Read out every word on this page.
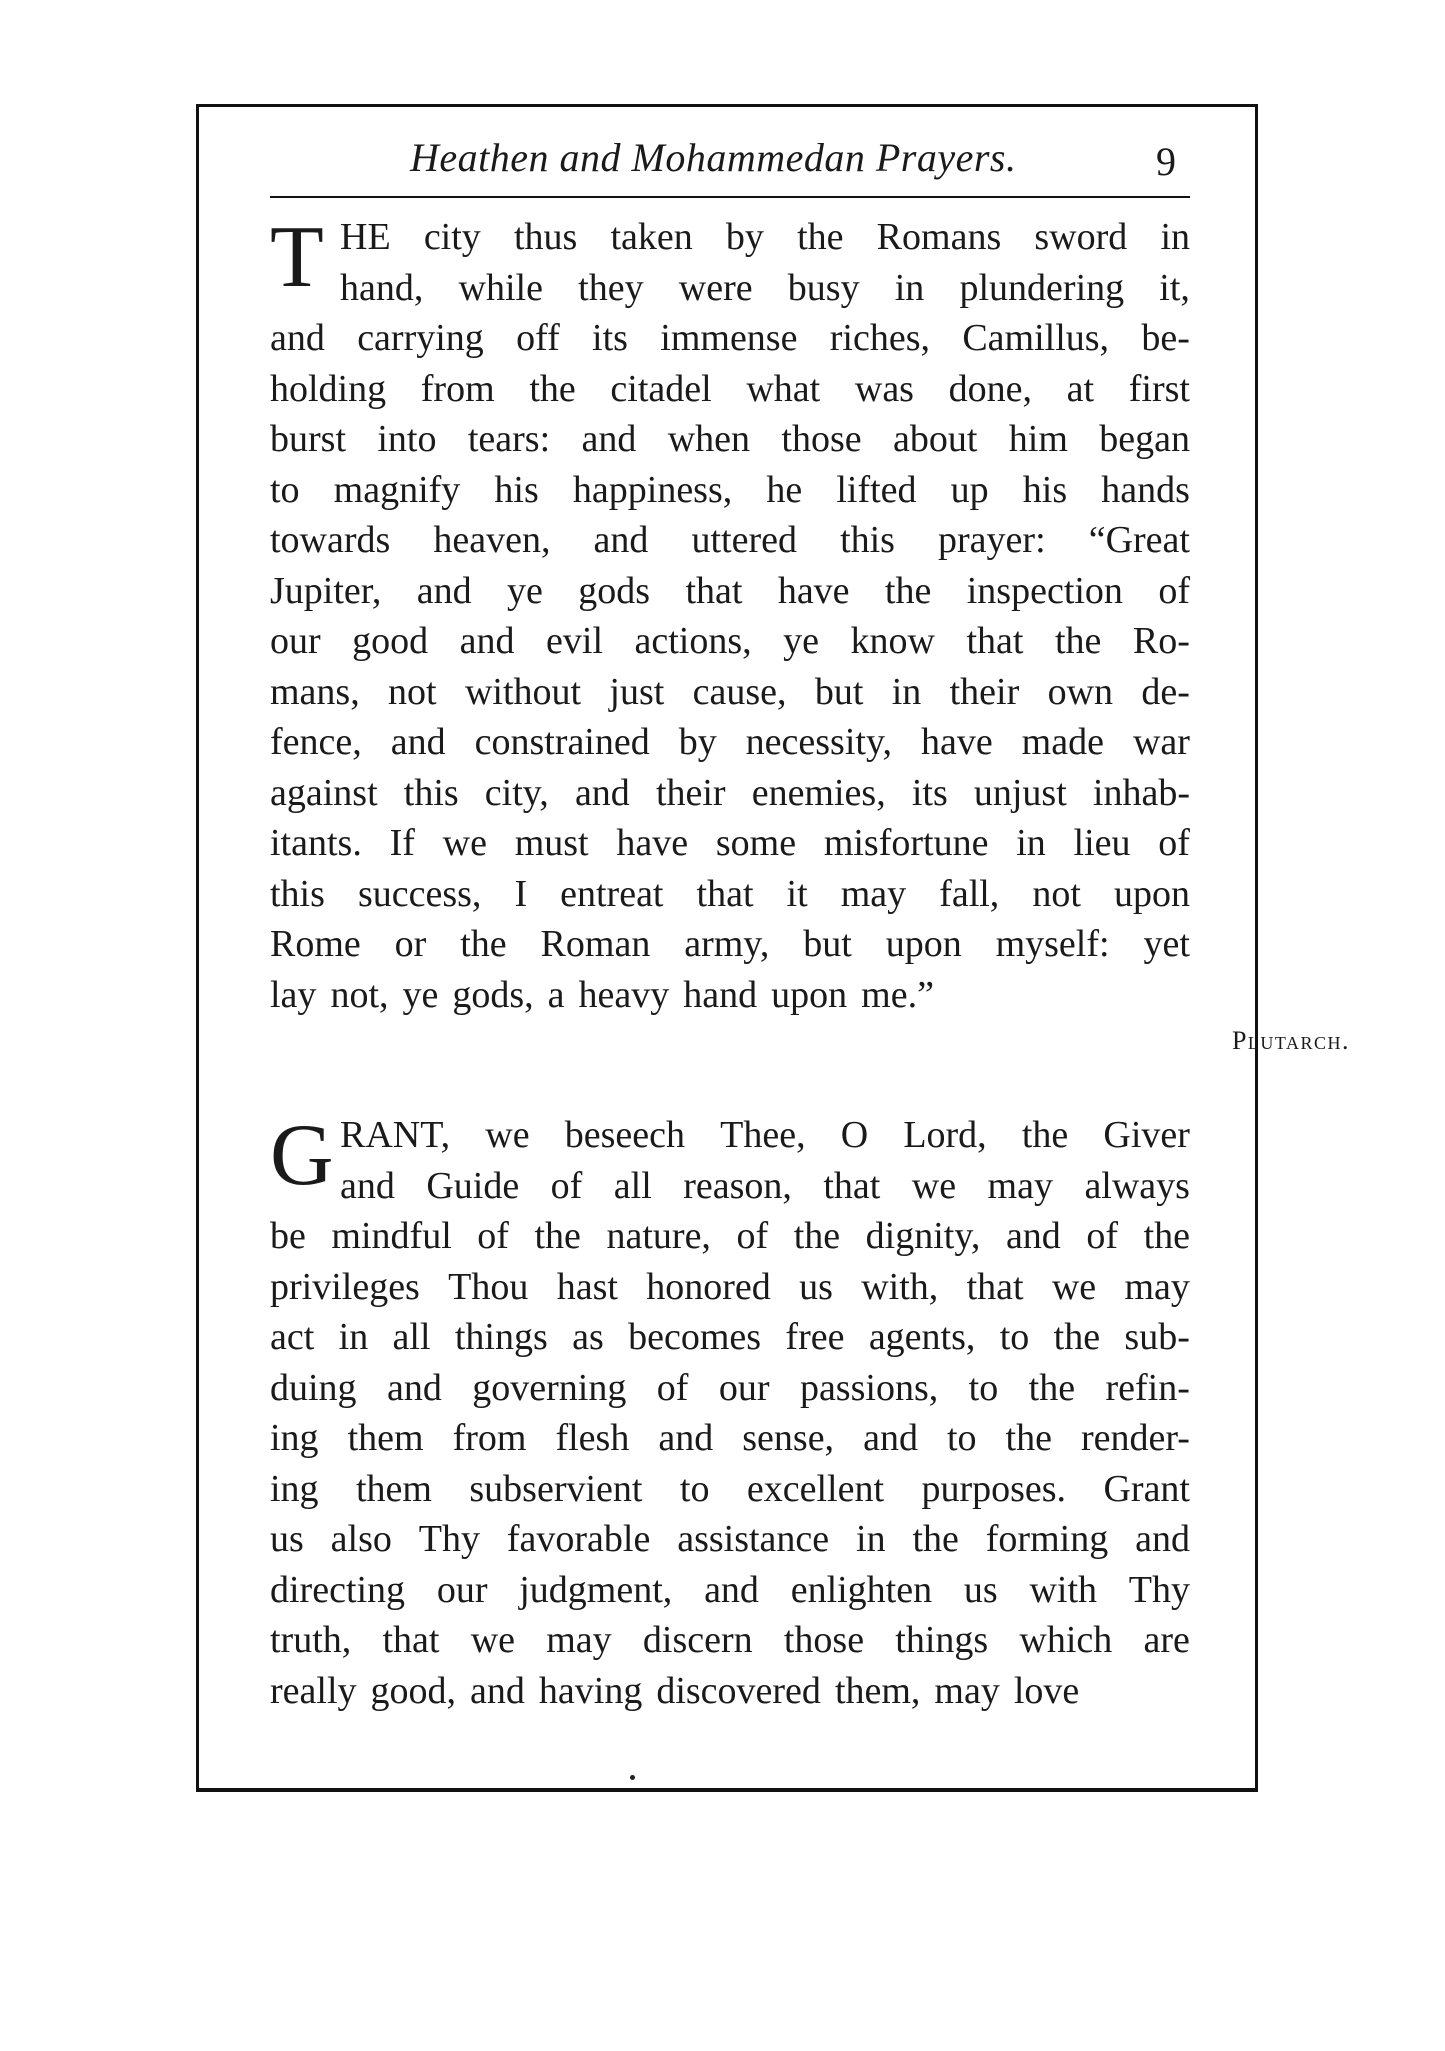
Heathen and Mohammedan Prayers.	9
T HE city thus taken by the Romans sword in
hand, while they were busy in plundering it,
and carrying off its immense riches, Camillus, be-
holding from the citadel what was done, at first
burst into tears: and when those about him began
to magnify his happiness, he lifted up his hands
towards heaven, and uttered this prayer: “Great
Jupiter, and ye gods that have the inspection of
our good and evil actions, ye know that the Ro-
mans, not without just cause, but in their own de-
fence, and constrained by necessity, have made war
against this city, and their enemies, its unjust inhab-
itants. If we must have some misfortune in lieu of
this success, I entreat that it may fall, not upon
Rome or the Roman army, but upon myself: yet
lay not, ye gods, a heavy hand upon me.”
Plutarch.
G RANT, we beseech Thee, O Lord, the Giver
and Guide of all reason, that we may always
be mindful of the nature, of the dignity, and of the
privileges Thou hast honored us with, that we may
act in all things as becomes free agents, to the sub-
duing and governing of our passions, to the refin-
ing them from flesh and sense, and to the render-
ing them subservient to excellent purposes. Grant
us also Thy favorable assistance in the forming and
directing our judgment, and enlighten us with Thy
truth, that we may discern those things which are
really good, and having discovered them, may love
